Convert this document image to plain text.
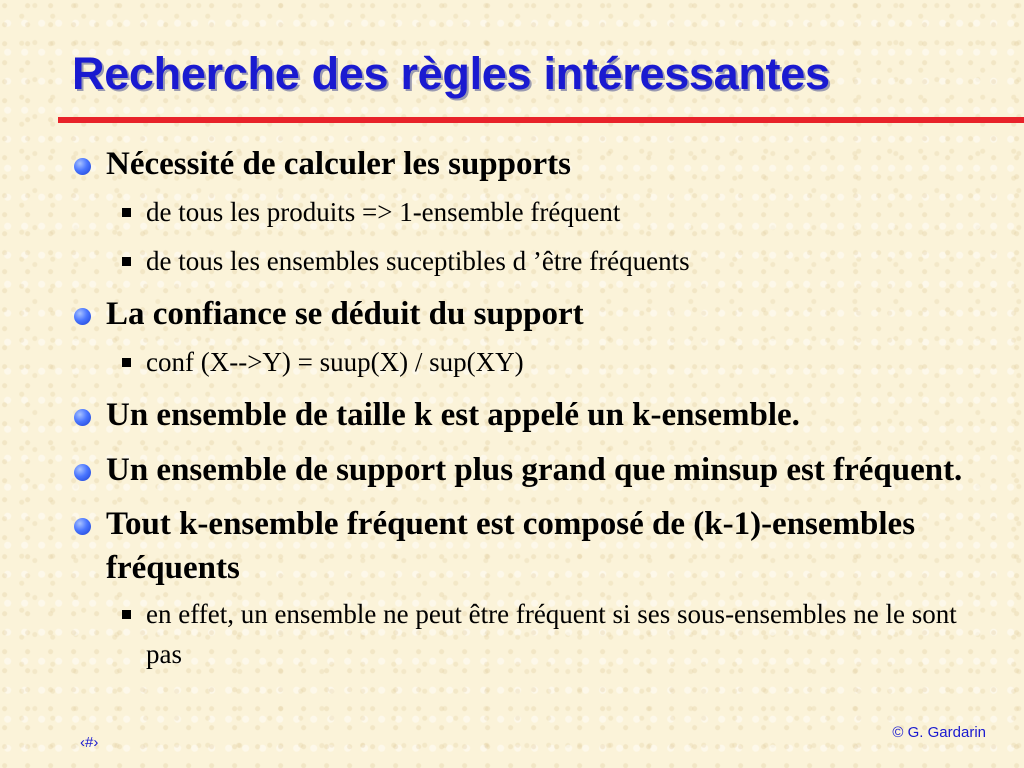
Recherche des règles intéressantes
Nécessité de calculer les supports
de tous les produits => 1-ensemble fréquent
de tous les ensembles suceptibles d ’être fréquents
La confiance se déduit du support
conf (X-->Y) = suup(X) / sup(XY)
Un ensemble de taille k est appelé un k-ensemble.
Un ensemble de support plus grand que minsup est fréquent.
Tout k-ensemble fréquent est composé de (k-1)-ensembles fréquents
en effet, un ensemble ne peut être fréquent si ses sous-ensembles ne le sont pas
‹#›
© G. Gardarin
